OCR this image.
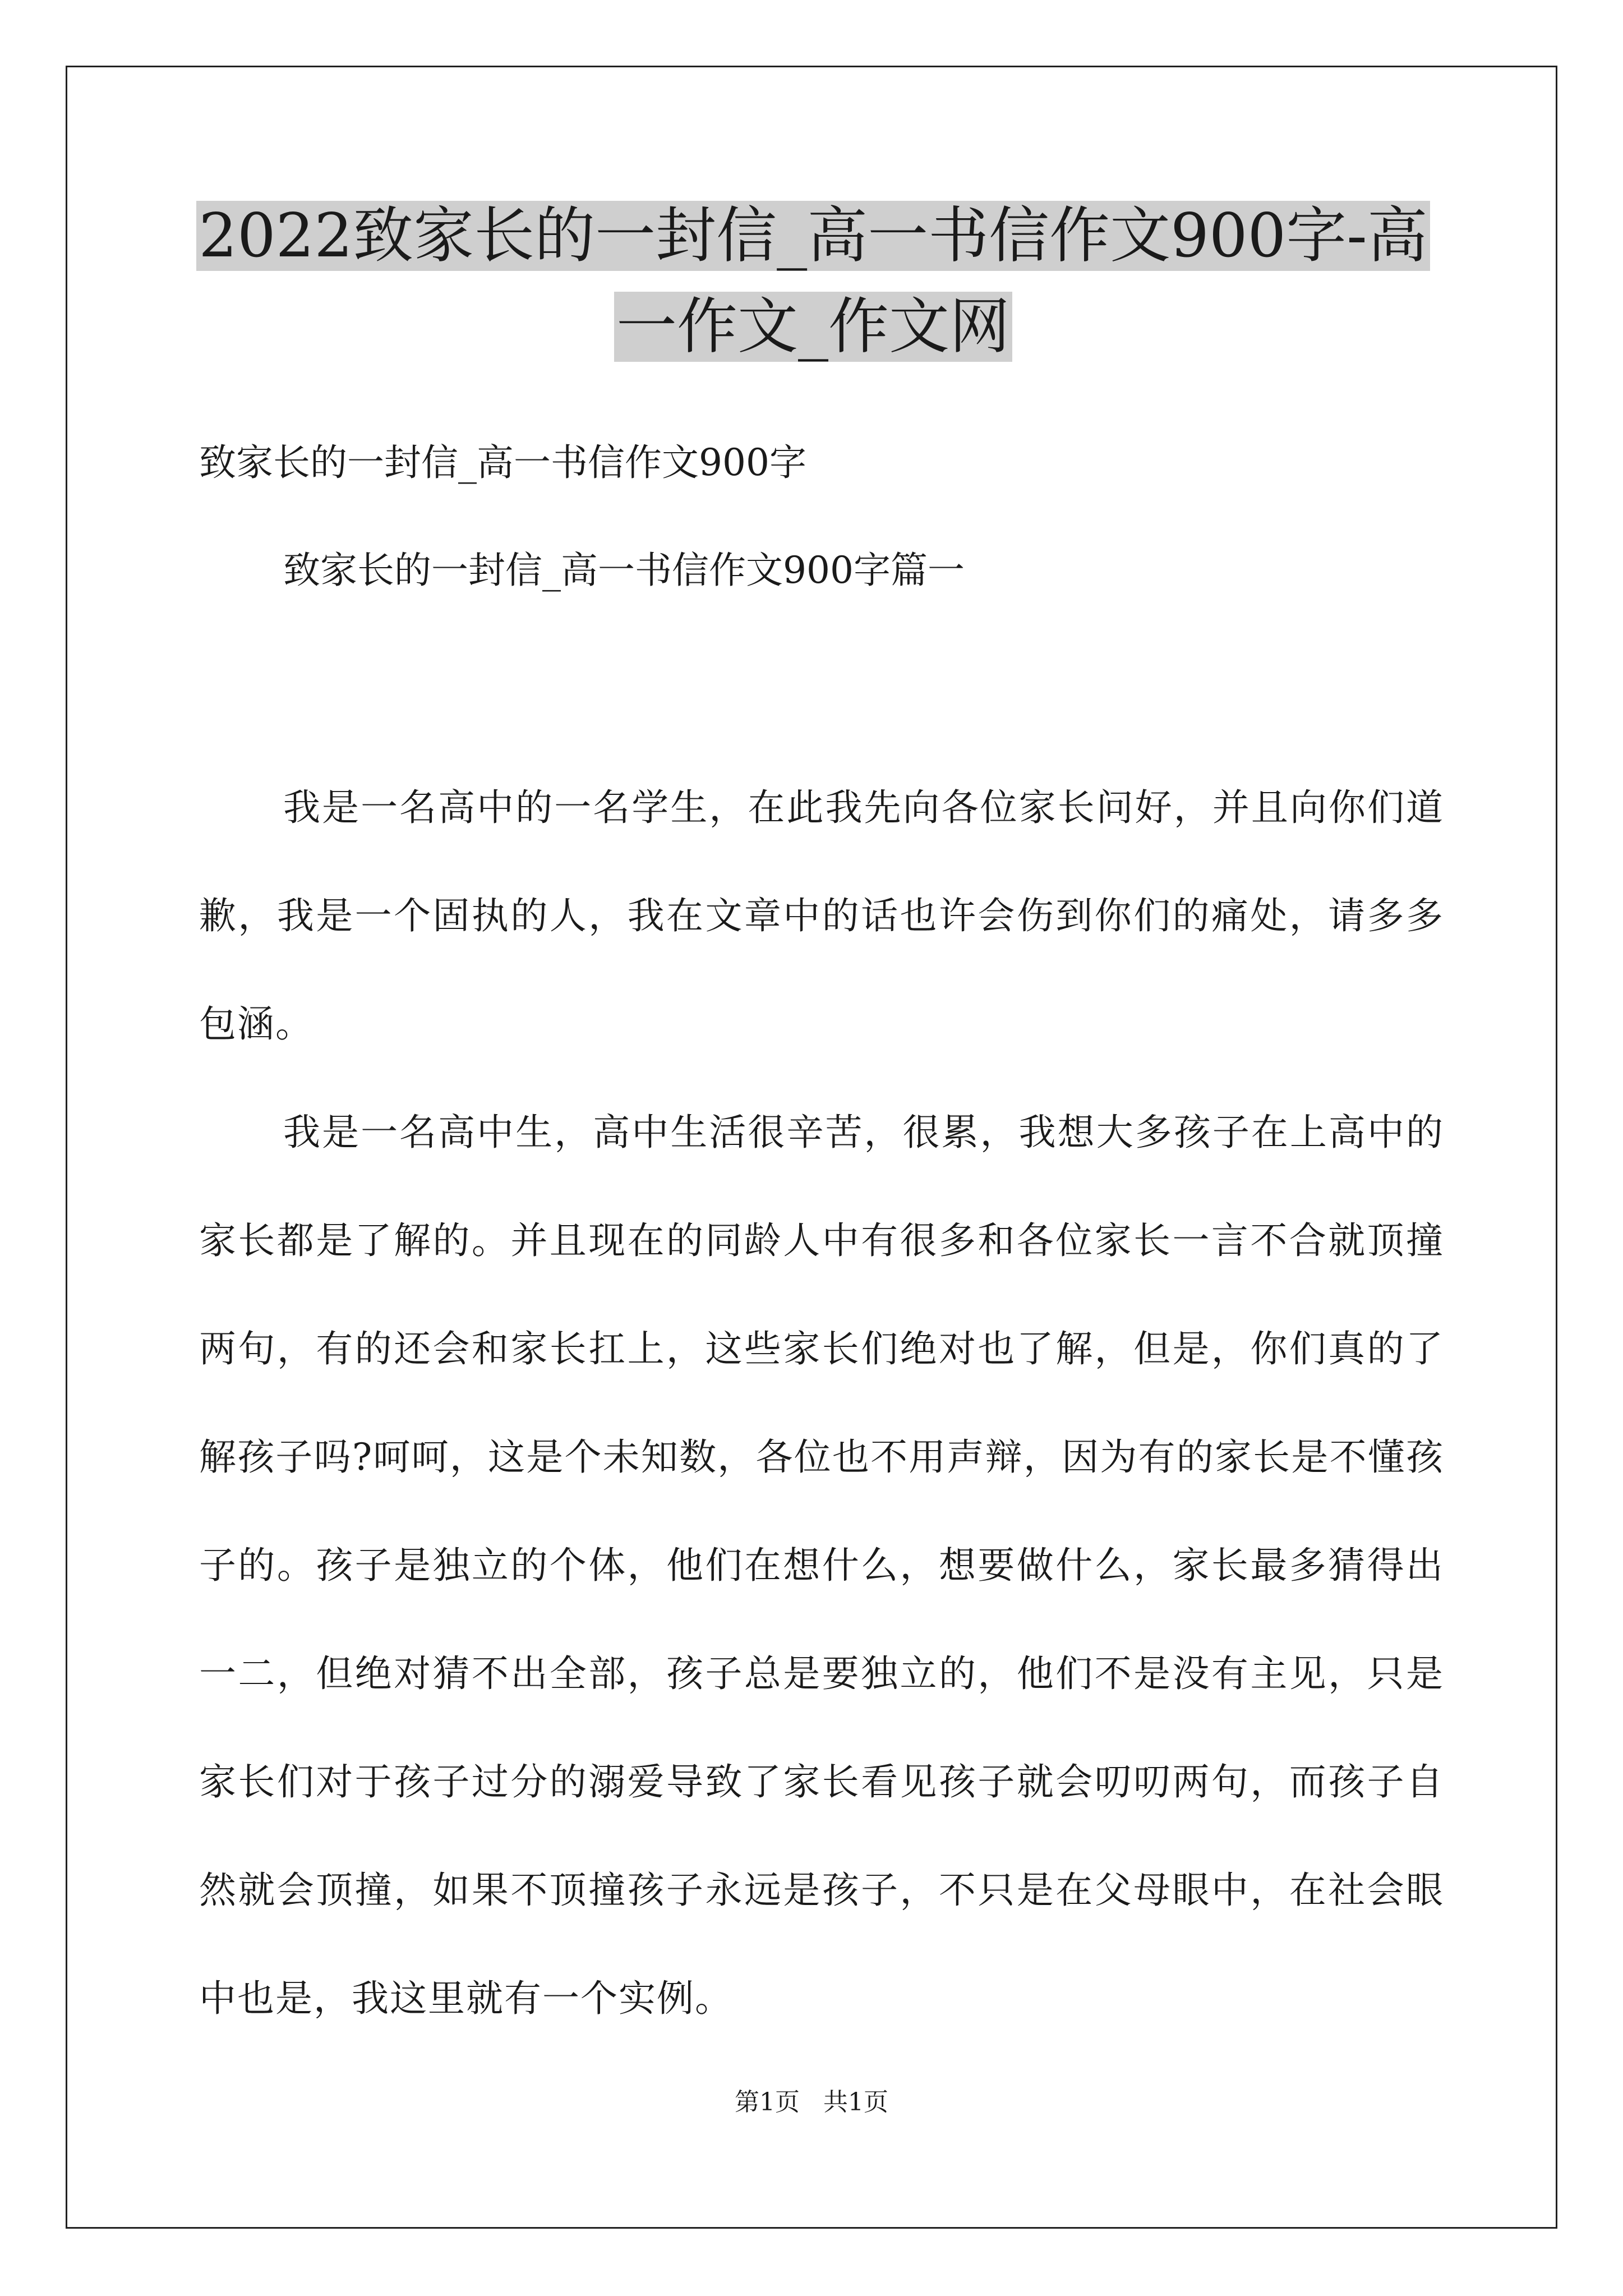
2022致家长的一封信_高一书信作文900字-高一作文_作文网

致家长的一封信_高一书信作文900字

致家长的一封信_高一书信作文900字篇一

我是一名高中的一名学生，在此我先向各位家长问好，并且向你们道歉，我是一个固执的人，我在文章中的话也许会伤到你们的痛处，请多多包涵。

我是一名高中生，高中生活很辛苦，很累，我想大多孩子在上高中的家长都是了解的。并且现在的同龄人中有很多和各位家长一言不合就顶撞两句，有的还会和家长扛上，这些家长们绝对也了解，但是，你们真的了解孩子吗?呵呵，这是个未知数，各位也不用声辩，因为有的家长是不懂孩子的。孩子是独立的个体，他们在想什么，想要做什么，家长最多猜得出一二，但绝对猜不出全部，孩子总是要独立的，他们不是没有主见，只是家长们对于孩子过分的溺爱导致了家长看见孩子就会叨叨两句，而孩子自然就会顶撞，如果不顶撞孩子永远是孩子，不只是在父母眼中，在社会眼中也是，我这里就有一个实例。

第1页   共1页
